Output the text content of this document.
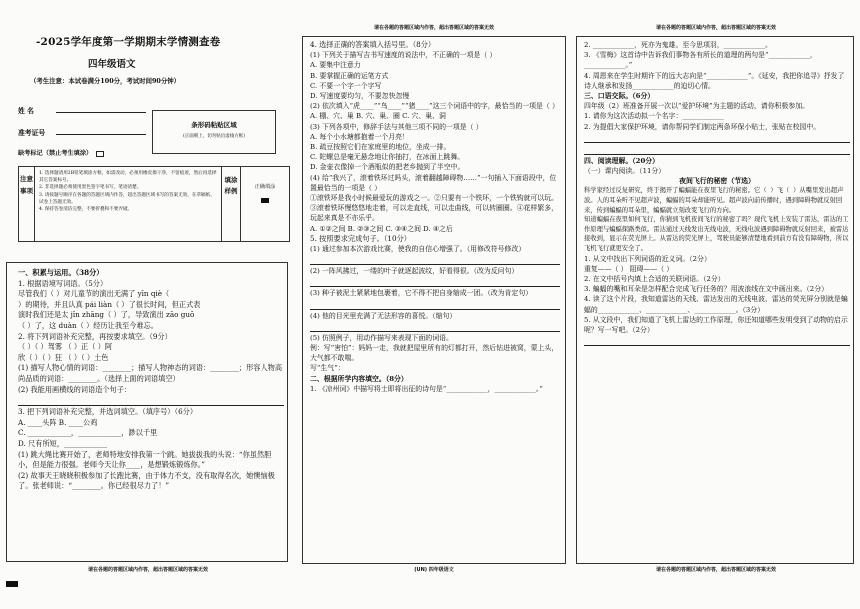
-2025学年度第一学期期末学情测查卷
四年级语文
（考生注意：本试卷满分100分，考试时间90分钟）
姓 名
准考证号
缺考标记（禁止考生填涂）
条形码粘贴区域
(正面朝上，切勿贴出虚线方框)
注意事项
1. 选择题请用2B铅笔填涂方框，如需改动，必须用橡皮擦干净，不留痕迹，然后再选择其它答案标号。
2. 非选择题必须使用黑色签字笔书写，笔迹清楚。
3. 请按题号顺序在各题的答题区域内作答，超出答题区域书写的答案无效，在草稿纸、试卷上答题无效。
4. 保持答卷清洁完整，不要折叠和不要弄破。
填涂样例	正确填涂

一、积累与运用。（38分）

1. 根据语境写词语。（5分）

尽管我们（ ）对儿童节的演出无满了 yīn qiè（

）的期待，并且认真 pái liàn（ ）了很长时间，但正式表

演时我们还是太 jǐn zhāng（ ）了，导致演出 zāo guō

（ ）了，这 duàn（ ）经历让我至今难忘。

2. 将下列词语补充完整，再按要求填空。（9分）

（ ）（ ）驾雾 （ ）正（ ）阿

欣（ ）（ ）狂 （ ）（ ）土色

(1) 描写人物心情的词语：________；描写人物神态的词语：________；形容人物高尚品质的词语：________。（选择上面的词语填空）

(2) 我能用画横线的词语造个句子：

3. 把下列词语补充完整，并选词填空。（填序号）（6分）

A. ____头阵 B. ____公鸡

C. ____________，____________，渺以千里

D. 尺有所短，____________

(1) 跳大绳比赛开始了，老师特地安排我第一个跳。她拔拔我的头说：“你虽然胆小，但是能力很强。老师今天让你____，是想锻炼锻炼你。”

(2) 故事天王晓晓积极参加了长跑比赛，由于体力不支，没有取得名次，她懊恼极了。张老师说：“________。你已经很尽力了！”

请在各题的答题区域内作答，超出答题区域的答案无效
请在各题的答题区域内作答，超出答题区域的答案无效

4. 选择正确的答案填入括号里。（8分）

(1) 下列关于描写吉书写速度的说法中，不正确的一项是（ ）

A. 要集中注意力

B. 要掌握正确的运笔方式

C. 不要一个字一个字写

D. 写速度要均匀，不要忽快忽慢

(2) 依次填入“虎____”“鸟____”“猪____”这三个词语中的字，最恰当的一项是（ ）

A. 棚、穴、巢 B. 穴、巢、圈 C. 穴、巢、洞

(3) 下列各项中，修辞手法与其他三项不同的一项是（ ）

A. 每个小水塘都抱着一个月亮！

B. 疏豆按照它们在家庭里的地位，坐成一排。

C. 陀螺总是毫无悬念地让你抽打，在冰面上跳舞。

D. 金壶衣像掉一个酒瓶似的把老乡抛到了半空中。

(4) 给“我兴了，滚着铁环过吗头，滚着翻越障碍物……”一句插入下面语段中，位置最恰当的一项是（ ）

①滚铁环是我小时候最爱玩的游戏之一。②只要有一个铁环，一个铁钩就可以玩。③滚着铁环慢悠悠地走着，可以走直线，可以走曲线，可以转圈圈。④花样繁多，玩起来真是不亦乐乎。

A. ①②之间 B. ②③之间 C. ③④之间 D. ④之后

5. 按照要求完成句子。（10分）

(1) 通过参加本次游戏比赛，使我的自信心增强了。（用修改符号修改）

(2) 一阵风拂过，一缕的叶子就逐起波纹，好看得很。（改为反问句）

(3) 种子被泥土紧紧地包裹着，它不得不把自身缩成一团。（改为肯定句）

(4) 他的目光里充满了无法形容的喜悦。（缩句）

(5) 仿照例子，用动作描写来表现下面的词语。

例：写“害怕”：妈妈一走，我就把屋里所有的灯都打开，然后钻进被窝，蒙上头，大气都不敢喘。

写“生气”：

二、根据所学内容填空。（8分）

1. 《凉州词》中描写将士即将出征的诗句是“____________，____________。”

(UN) 四年级语文
请在各题的答题区域内作答，超出答题区域的答案无效

2. ____________，死亦为鬼雄。至今思项羽，____________。

3. 《雪梅》这首诗中告诉我们事物各有所长的道理的两句是“____________，____________。”

4. 周恩来在学生时期许下的远大志向是“____________”。《延安，我把你追寻》抒发了诗人继承和发扬____________的迫切心情。

三、口语交际。（6分）

四年级（2）班准备开展一次以“爱护环境”为主题的活动，请你积极参加。

1. 请你为这次活动拟一个名字：____________

2. 为提倡大家保护环境，请你帮同学们制定两条环保小贴士，张贴在校园中。

四、阅读理解。（20分）

（一）课内阅读。（11分）

夜间飞行的秘密（节选）

科学家经过反复研究，终于揭开了蝙蝠能在夜里飞行的秘密。它（ ）飞（ ）从嘴里发出超声波。人的耳朵听不见超声波，蝙蝠的耳朵却能听见。超声波向前传播时，遇到障碍物就反射回来，传到蝙蝠的耳朵里，蝙蝠就立刻改变飞行的方向。

知道蝙蝠在夜里如何飞行，你猜到飞机夜间飞行的秘密了吗？现代飞机上安装了雷达，雷达的工作原理与蝙蝠探路类似。雷达通过天线发出无线电波，无线电波遇到障碍物就反射回来，被雷达接收到，显示在荧光屏上。从雷达的荧光屏上，驾驶员能够清楚地看到前方有没有障碍物，所以飞机飞行就更安全了。

1. 从文中找出下列词语的近义词。（2分）

重复——（ ） 阻碍——（ ）

2. 在文中括号内填上合适的关联词语。（2分）

3. 蝙蝠的嘴和耳朵是怎样配合完成飞行任务的？用波浪线在文中画出来。（2分）

4. 读了这个片段，我知道雷达的天线、雷达发出的无线电波、雷达的荧光屏分别就是蝙蝠的____________、____________、____________。（3分）

5. 从文段中，我们知道了飞机上雷达的工作原理，你还知道哪些发明受到了动物的启示呢？写一写吧。（2分）

请在各题的答题区域内作答，超出答题区域的答案无效
